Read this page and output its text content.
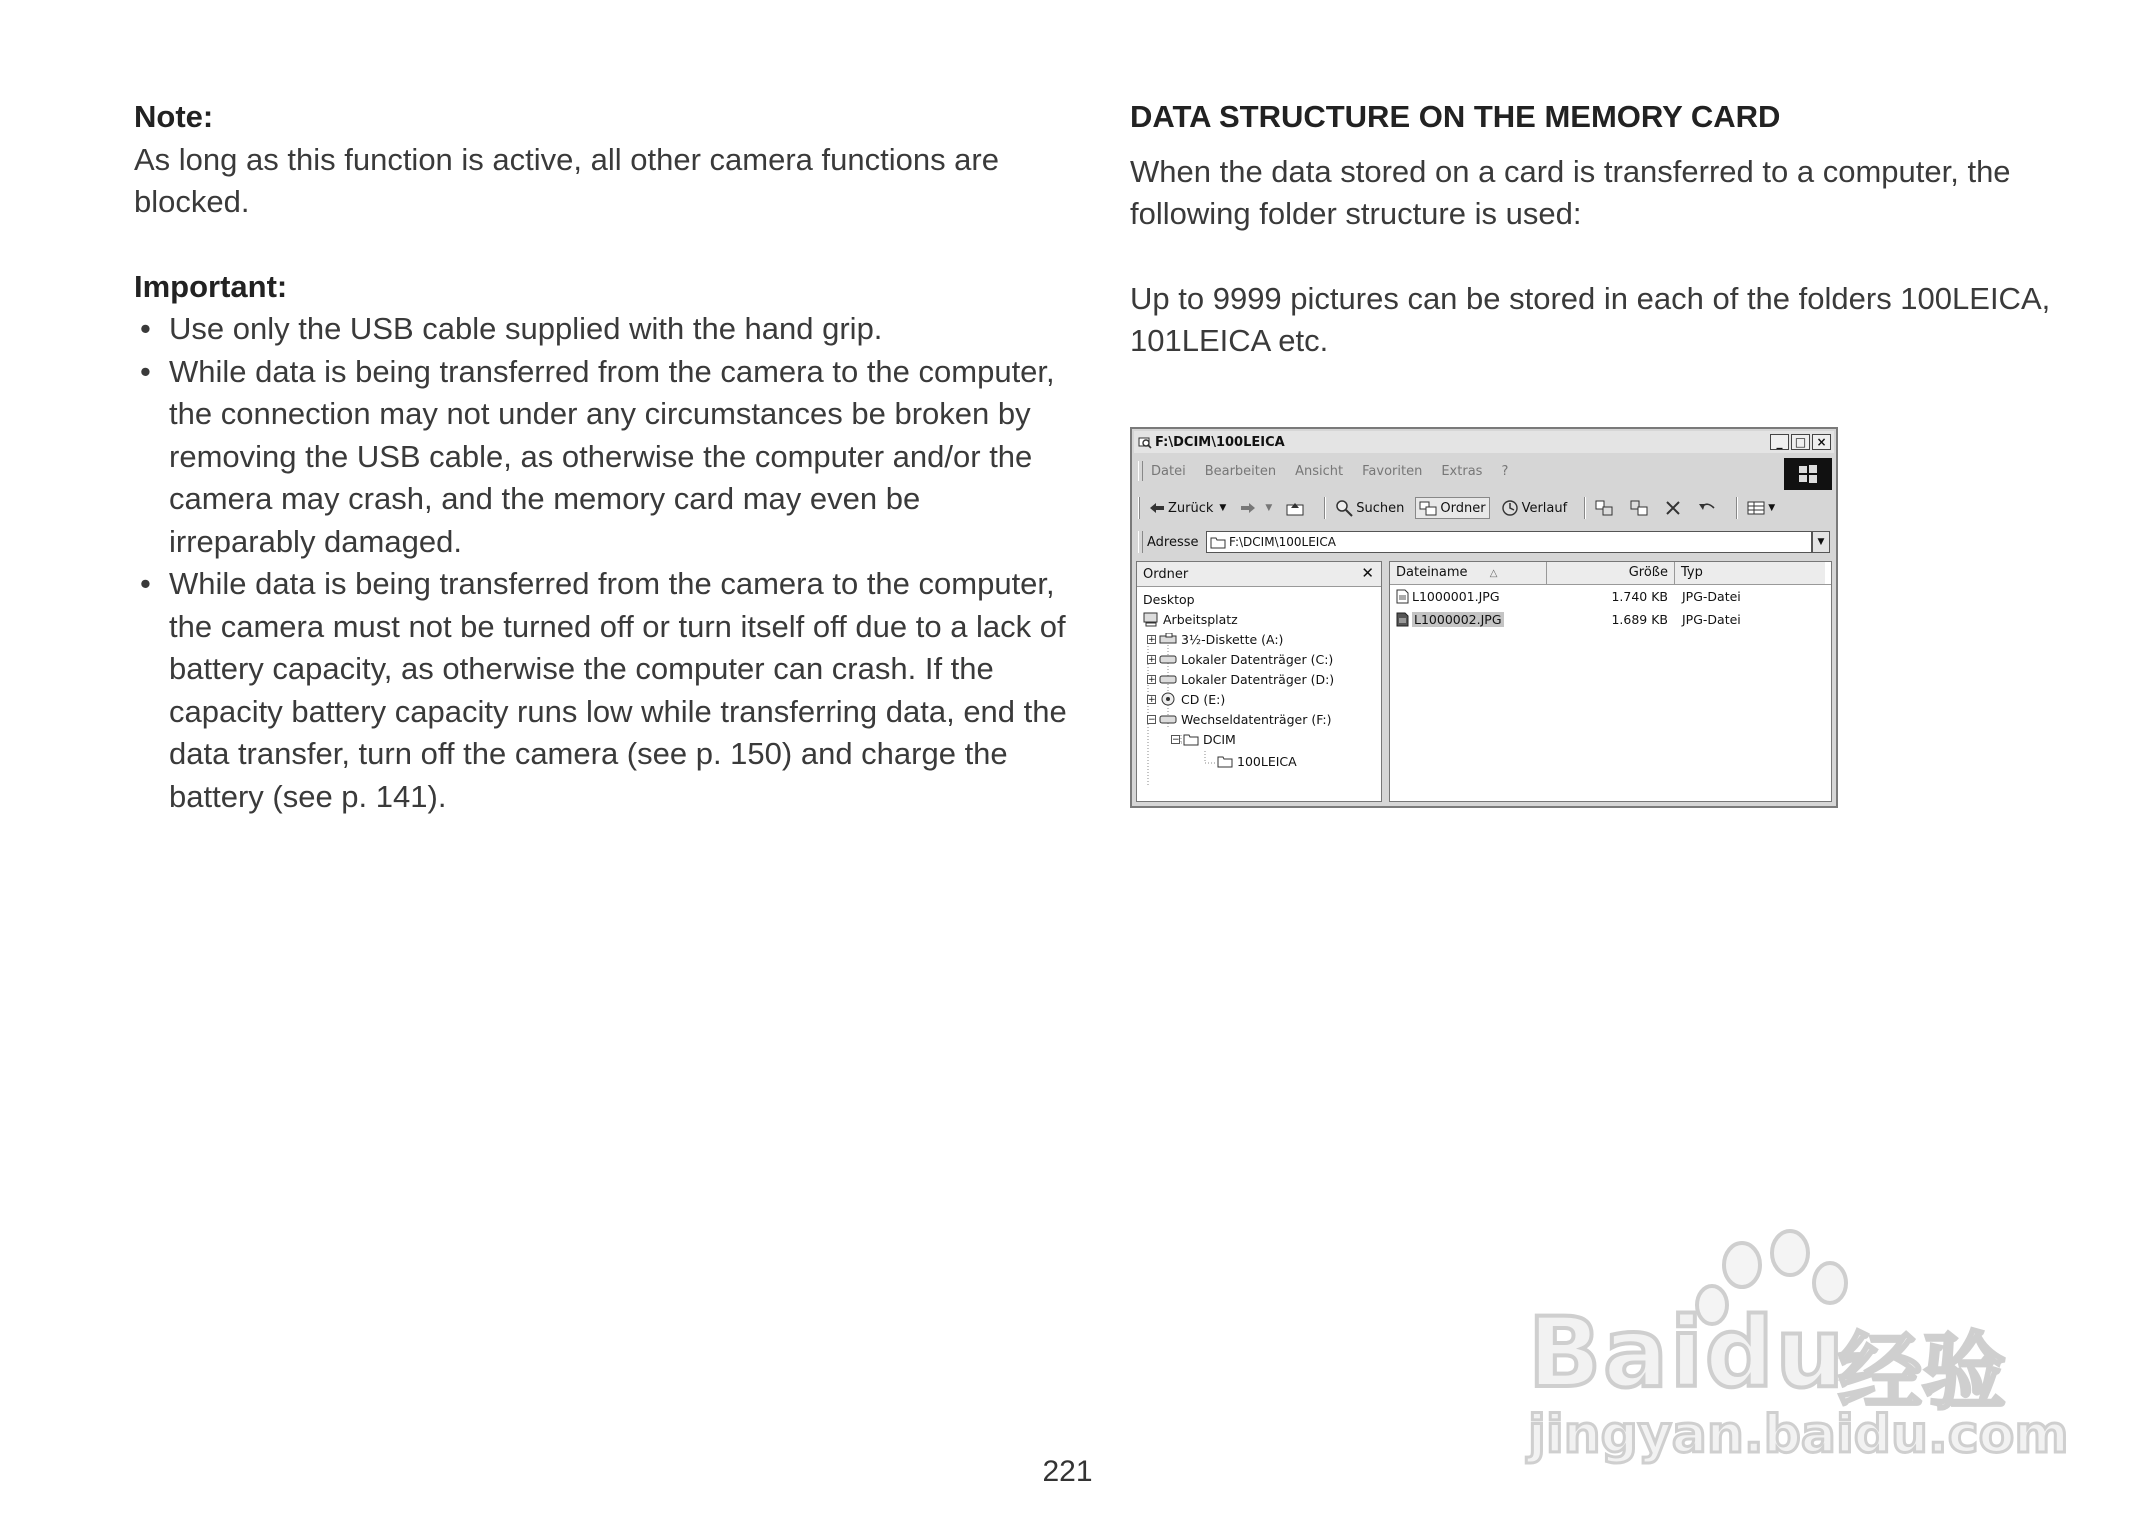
Note:

As long as this function is active, all other camera functions are blocked.

Important:

• Use only the USB cable supplied with the hand grip.
• While data is being transferred from the camera to the computer, the connection may not under any circumstances be broken by removing the USB cable, as otherwise the computer and/or the camera may crash, and the memory card may even be irreparably damaged.
• While data is being transferred from the camera to the computer, the camera must not be turned off or turn itself off due to a lack of battery capacity, as otherwise the computer can crash. If the capacity battery capacity runs low while transferring data, end the data transfer, turn off the camera (see p. 150) and charge the battery (see p. 141).

DATA STRUCTURE ON THE MEMORY CARD

When the data stored on a card is transferred to a computer, the following folder structure is used:

Up to 9999 pictures can be stored in each of the folders 100LEICA, 101LEICA etc.

F:\DCIM\100LEICA	_	□ ×
Datei Bearbeiten Ansicht Favoriten Extras ?
Zurück ▼	▼	Suchen	Ordner	Verlauf	▼
Adresse	F:\DCIM\100LEICA	▼
Ordner	✕
Desktop
Arbeitsplatz
+ 3½-Diskette (A:)
+ Lokaler Datenträger (C:)
+ Lokaler Datenträger (D:)
+ CD (E:)
− Wechseldatenträger (F:)
− DCIM
100LEICA
Dateiname △	Größe	Typ
L1000001.JPG	1.740 KB	JPG-Datei
L1000002.JPG	1.689 KB	JPG-Datei
221
Baidu
经验
jingyan.baidu.com
